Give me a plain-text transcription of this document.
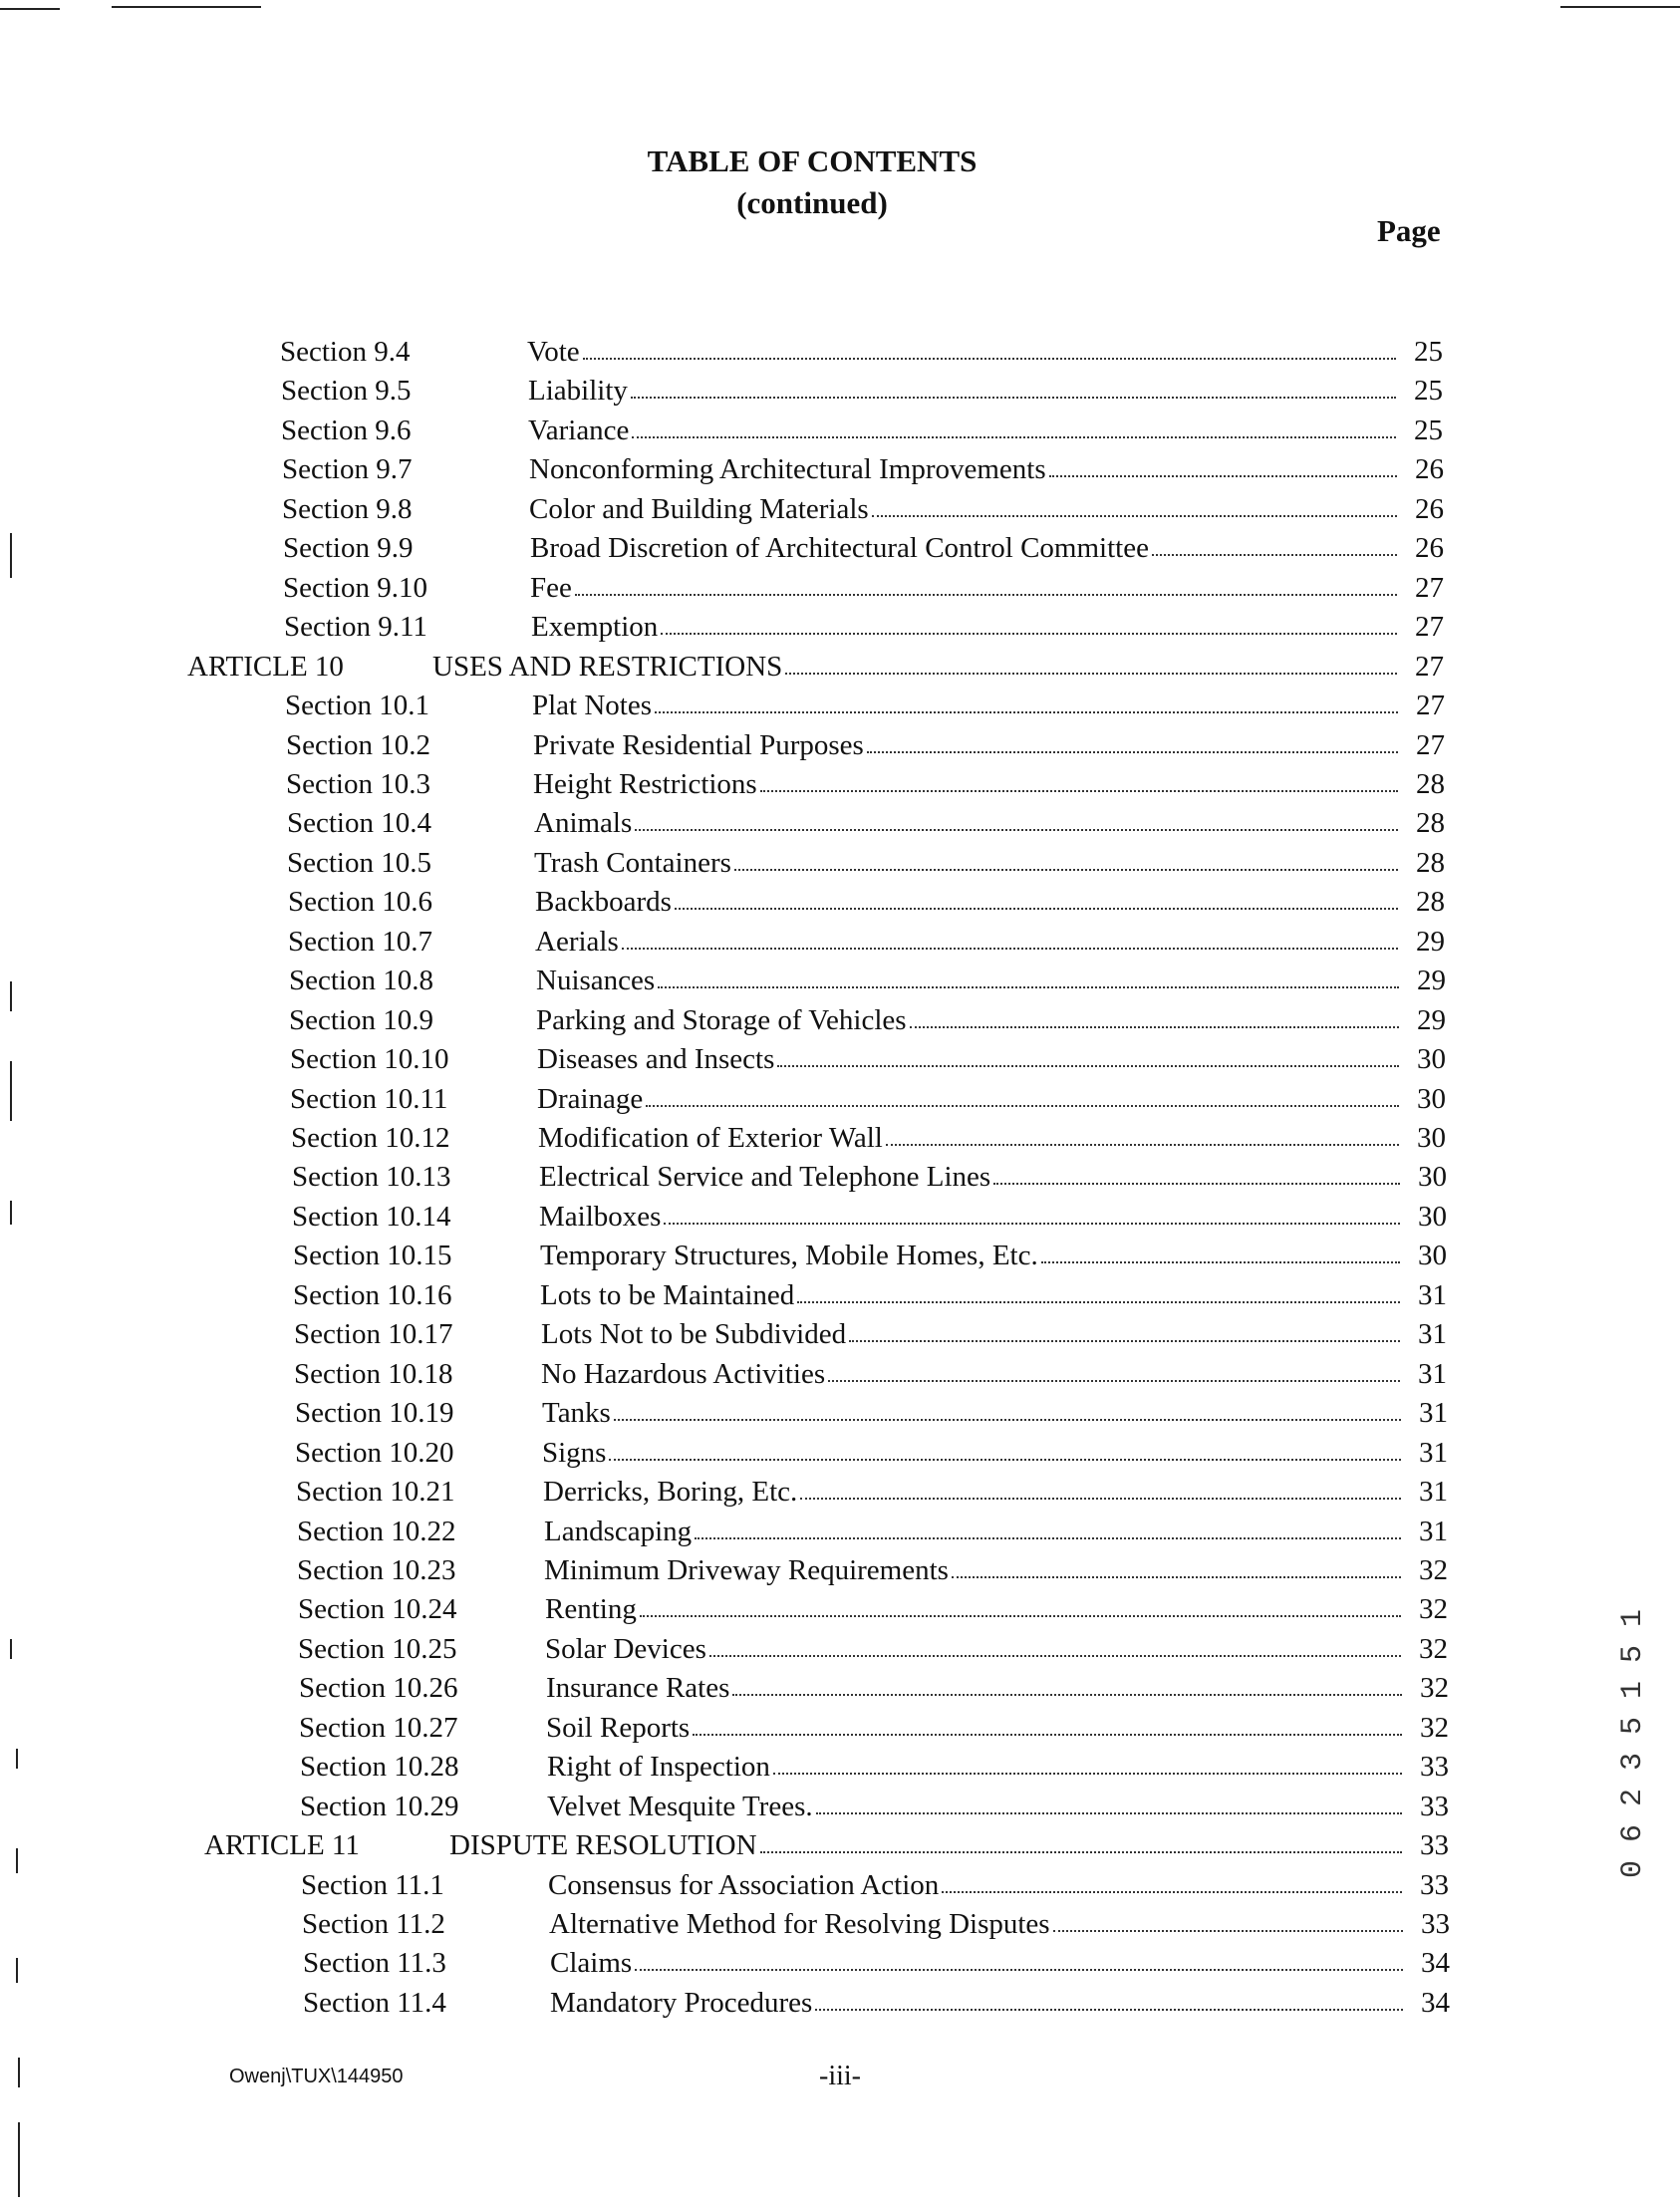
TABLE OF CONTENTS
(continued)
Page
Section 9.4	Vote	25
Section 9.5	Liability	25
Section 9.6	Variance	25
Section 9.7	Nonconforming Architectural Improvements	26
Section 9.8	Color and Building Materials	26
Section 9.9	Broad Discretion of Architectural Control Committee	26
Section 9.10	Fee	27
Section 9.11	Exemption	27
ARTICLE 10	USES AND RESTRICTIONS	27
Section 10.1	Plat Notes	27
Section 10.2	Private Residential Purposes	27
Section 10.3	Height Restrictions	28
Section 10.4	Animals	28
Section 10.5	Trash Containers	28
Section 10.6	Backboards	28
Section 10.7	Aerials	29
Section 10.8	Nuisances	29
Section 10.9	Parking and Storage of Vehicles	29
Section 10.10	Diseases and Insects	30
Section 10.11	Drainage	30
Section 10.12	Modification of Exterior Wall	30
Section 10.13	Electrical Service and Telephone Lines	30
Section 10.14	Mailboxes	30
Section 10.15	Temporary Structures, Mobile Homes, Etc.	30
Section 10.16	Lots to be Maintained	31
Section 10.17	Lots Not to be Subdivided	31
Section 10.18	No Hazardous Activities	31
Section 10.19	Tanks	31
Section 10.20	Signs	31
Section 10.21	Derricks, Boring, Etc.	31
Section 10.22	Landscaping	31
Section 10.23	Minimum Driveway Requirements	32
Section 10.24	Renting	32
Section 10.25	Solar Devices	32
Section 10.26	Insurance Rates	32
Section 10.27	Soil Reports	32
Section 10.28	Right of Inspection	33
Section 10.29	Velvet Mesquite Trees.	33
ARTICLE 11	DISPUTE RESOLUTION	33
Section 11.1	Consensus for Association Action	33
Section 11.2	Alternative Method for Resolving Disputes	33
Section 11.3	Claims	34
Section 11.4	Mandatory Procedures	34
Owenj\TUX\144950	-iii-
0 6 2 3 5 1 5 1
